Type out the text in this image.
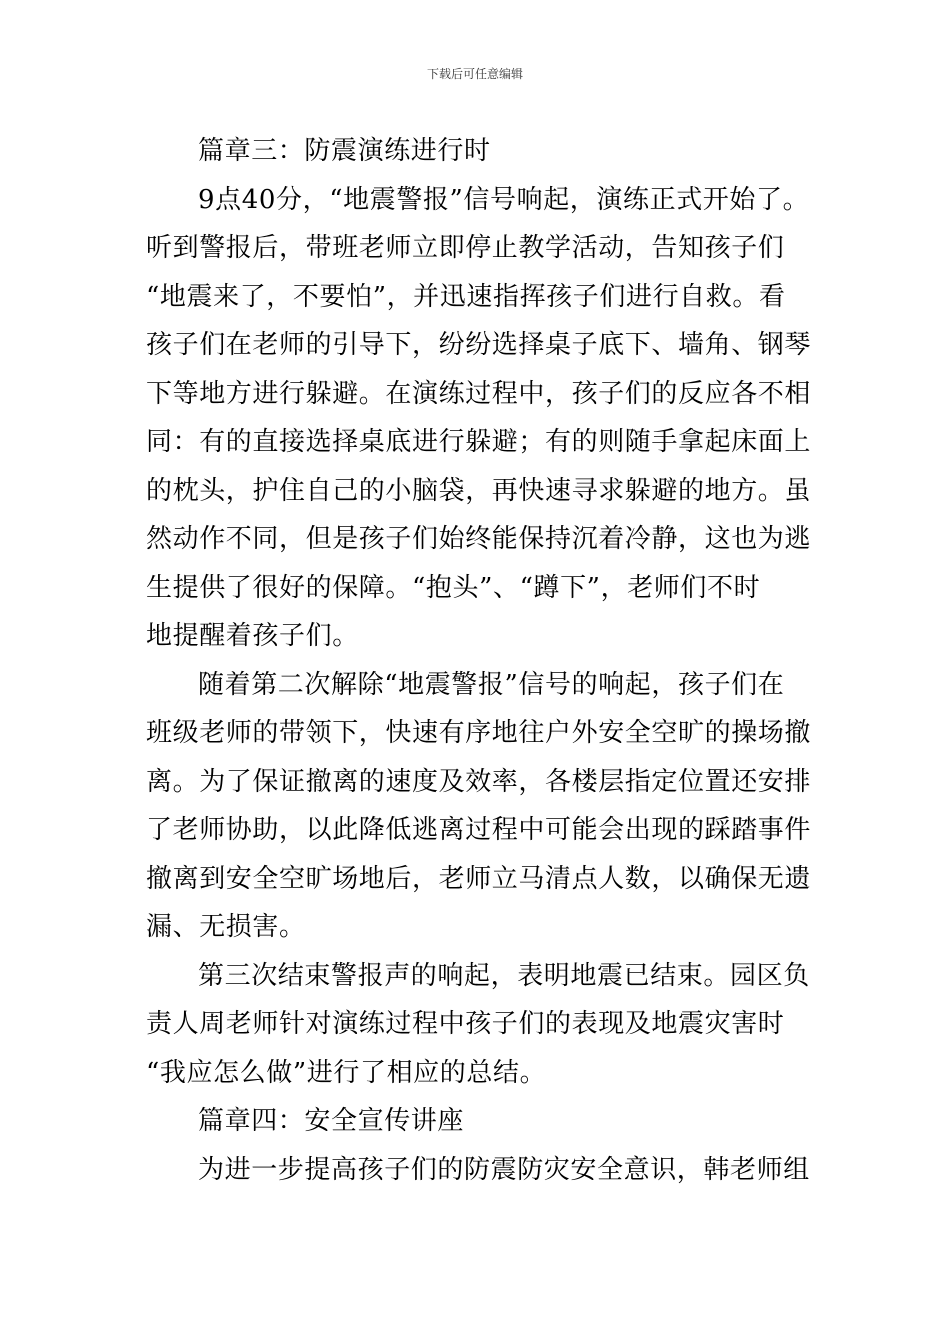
下载后可任意编辑
篇章三：防震演练进行时
9点40分，“地震警报”信号响起，演练正式开始了。
听到警报后，带班老师立即停止教学活动，告知孩子们
“地震来了，不要怕”，并迅速指挥孩子们进行自救。看
孩子们在老师的引导下，纷纷选择桌子底下、墙角、钢琴
下等地方进行躲避。在演练过程中，孩子们的反应各不相
同：有的直接选择桌底进行躲避；有的则随手拿起床面上
的枕头，护住自己的小脑袋，再快速寻求躲避的地方。虽
然动作不同，但是孩子们始终能保持沉着冷静，这也为逃
生提供了很好的保障。“抱头”、“蹲下”，老师们不时
地提醒着孩子们。
随着第二次解除“地震警报”信号的响起，孩子们在
班级老师的带领下，快速有序地往户外安全空旷的操场撤
离。为了保证撤离的速度及效率，各楼层指定位置还安排
了老师协助，以此降低逃离过程中可能会出现的踩踏事件
撤离到安全空旷场地后，老师立马清点人数，以确保无遗
漏、无损害。
第三次结束警报声的响起，表明地震已结束。园区负
责人周老师针对演练过程中孩子们的表现及地震灾害时
“我应怎么做”进行了相应的总结。
篇章四：安全宣传讲座
为进一步提高孩子们的防震防灾安全意识，韩老师组
